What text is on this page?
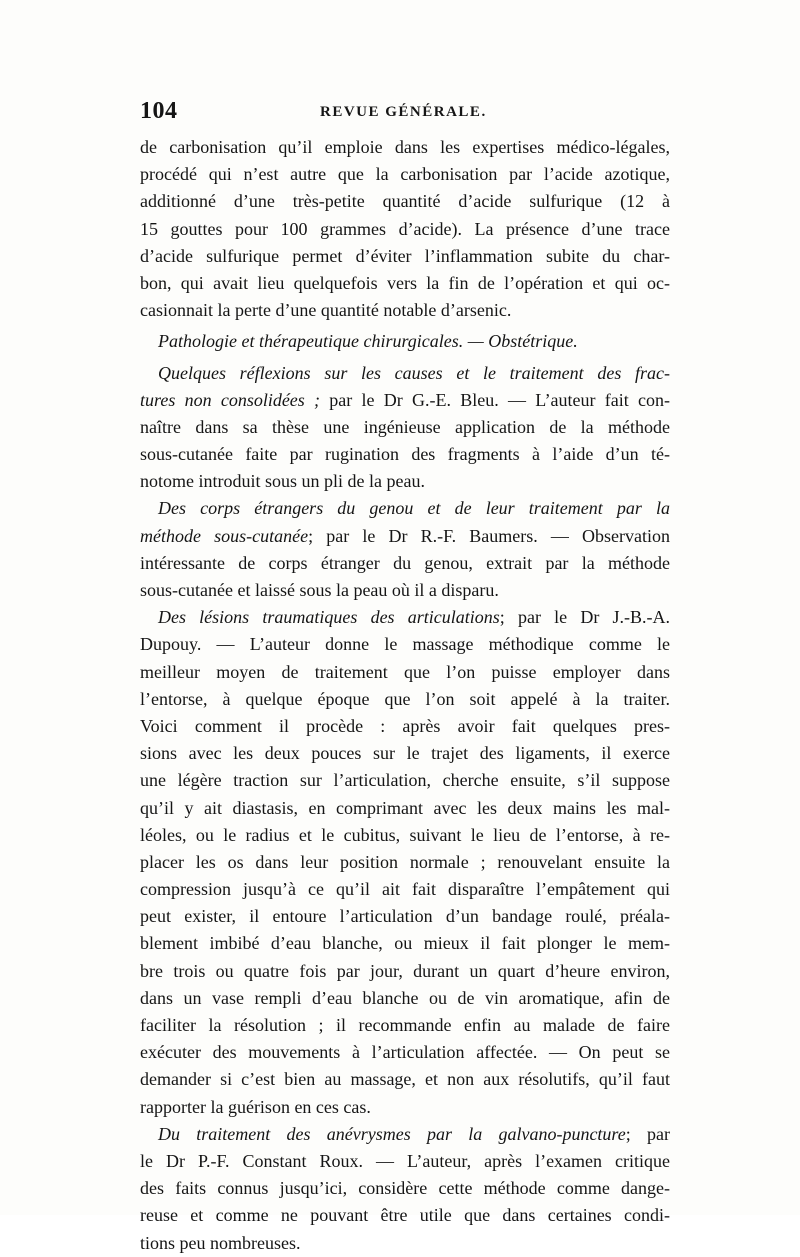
104	REVUE GÉNÉRALE.
de carbonisation qu’il emploie dans les expertises médico-légales,
procédé qui n’est autre que la carbonisation par l’acide azotique,
additionné d’une très-petite quantité d’acide sulfurique (12 à
15 gouttes pour 100 grammes d’acide). La présence d’une trace
d’acide sulfurique permet d’éviter l’inflammation subite du char-
bon, qui avait lieu quelquefois vers la fin de l’opération et qui oc-
casionnait la perte d’une quantité notable d’arsenic.
Pathologie et thérapeutique chirurgicales. — Obstétrique.
Quelques réflexions sur les causes et le traitement des frac-
tures non consolidées ; par le Dr G.-E. Bleu. — L’auteur fait con-
naître dans sa thèse une ingénieuse application de la méthode
sous-cutanée faite par rugination des fragments à l’aide d’un té-
notome introduit sous un pli de la peau.
Des corps étrangers du genou et de leur traitement par la
méthode sous-cutanée; par le Dr R.-F. Baumers. — Observation
intéressante de corps étranger du genou, extrait par la méthode
sous-cutanée et laissé sous la peau où il a disparu.
Des lésions traumatiques des articulations; par le Dr J.-B.-A.
Dupouy. — L’auteur donne le massage méthodique comme le
meilleur moyen de traitement que l’on puisse employer dans
l’entorse, à quelque époque que l’on soit appelé à la traiter.
Voici comment il procède : après avoir fait quelques pres-
sions avec les deux pouces sur le trajet des ligaments, il exerce
une légère traction sur l’articulation, cherche ensuite, s’il suppose
qu’il y ait diastasis, en comprimant avec les deux mains les mal-
léoles, ou le radius et le cubitus, suivant le lieu de l’entorse, à re-
placer les os dans leur position normale ; renouvelant ensuite la
compression jusqu’à ce qu’il ait fait disparaître l’empâtement qui
peut exister, il entoure l’articulation d’un bandage roulé, préala-
blement imbibé d’eau blanche, ou mieux il fait plonger le mem-
bre trois ou quatre fois par jour, durant un quart d’heure environ,
dans un vase rempli d’eau blanche ou de vin aromatique, afin de
faciliter la résolution ; il recommande enfin au malade de faire
exécuter des mouvements à l’articulation affectée. — On peut se
demander si c’est bien au massage, et non aux résolutifs, qu’il faut
rapporter la guérison en ces cas.
Du traitement des anévrysmes par la galvano-puncture; par
le Dr P.-F. Constant Roux. — L’auteur, après l’examen critique
des faits connus jusqu’ici, considère cette méthode comme dange-
reuse et comme ne pouvant être utile que dans certaines condi-
tions peu nombreuses.
